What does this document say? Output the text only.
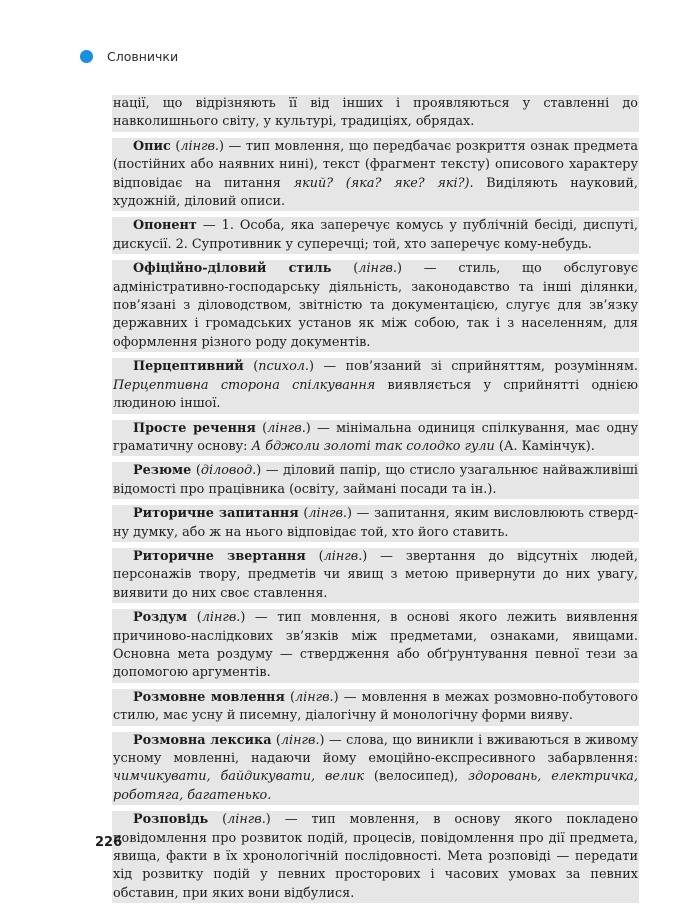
Словнички

нації, що відрізняють її від інших і проявляються у ставленні до навколишнього світу, у культурі, традиціях, обрядах.

Опис (лінгв.) — тип мовлення, що передбачає розкриття ознак предмета (постійних або наявних нині), текст (фрагмент тексту) описового характеру відповідає на питання який? (яка? яке? які?). Виділяють науковий, художній, діловий описи.

Опонент — 1. Особа, яка заперечує комусь у публічній бесіді, диспуті, дискусії. 2. Супротивник у суперечці; той, хто заперечує кому-небудь.

Офіційно-діловий стиль (лінгв.) — стиль, що обслуговує адміністративно-господарську діяльність, законодавство та інші ділянки, пов’язані з діловодством, звітністю та документацією, слугує для зв’язку державних і громадських установ як між собою, так і з населенням, для оформлення різного роду документів.

Перцептивний (психол.) — пов’язаний зі сприйняттям, розумінням. Перцептивна сторона спілкування виявляється у сприйнятті однією людиною іншої.

Просте речення (лінгв.) — мінімальна одиниця спілкування, має одну граматичну основу: А бджоли золоті так солодко гули (А. Камінчук).

Резюме (діловод.) — діловий папір, що стисло узагальнює найважливіші відомості про працівника (освіту, займані посади та ін.).

Риторичне запитання (лінгв.) — запитання, яким висловлюють ствердну думку, або ж на нього відповідає той, хто його ставить.

Риторичне звертання (лінгв.) — звертання до відсутніх людей, персонажів твору, предметів чи явищ з метою привернути до них увагу, виявити до них своє ставлення.

Роздум (лінгв.) — тип мовлення, в основі якого лежить виявлення причиново-наслідкових зв’язків між предметами, ознаками, явищами. Основна мета роздуму — ствердження або обґрунтування певної тези за допомогою аргументів.

Розмовне мовлення (лінгв.) — мовлення в межах розмовно-побутового стилю, має усну й писемну, діалогічну й монологічну форми вияву.

Розмовна лексика (лінгв.) — слова, що виникли і вживаються в живому усному мовленні, надаючи йому емоційно-експресивного забарвлення: чимчикувати, байдикувати, велик (велосипед), здоровань, електричка, роботяга, багатенько.

Розповідь (лінгв.) — тип мовлення, в основу якого покладено повідомлення про розвиток подій, процесів, повідомлення про дії предмета, явища, факти в їх хронологічній послідовності. Мета розповіді — передати хід розвитку подій у певних просторових і часових умовах за певних обставин, при яких вони відбулися.

226
